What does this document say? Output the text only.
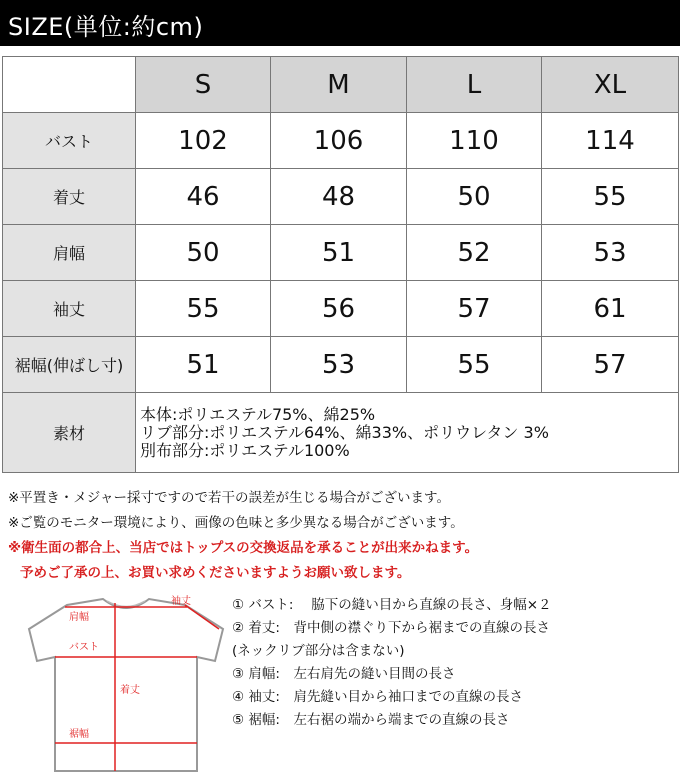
SIZE(単位:約cm)
	S	M	L	XL
バスト	102	106	110	114
着丈	46	48	50	55
肩幅	50	51	52	53
袖丈	55	56	57	61
裾幅(伸ばし寸)	51	53	55	57
素材	本体:ポリエステル75%、綿25%
リブ部分:ポリエステル64%、綿33%、ポリウレタン 3%
別布部分:ポリエステル100%			
※平置き・メジャー採寸ですので若干の誤差が生じる場合がございます。
※ご覧のモニター環境により、画像の色味と多少異なる場合がございます。
※衛生面の都合上、当店ではトップスの交換返品を承ることが出来かねます。
予めご了承の上、お買い求めくださいますようお願い致します。
袖丈
肩幅
バスト
着丈
裾幅
① バスト:　 脇下の縫い目から直線の長さ、身幅×２
② 着丈:　背中側の襟ぐり下から裾までの直線の長さ
(ネックリブ部分は含まない)
③ 肩幅:　左右肩先の縫い目間の長さ
④ 袖丈:　肩先縫い目から袖口までの直線の長さ
⑤ 裾幅:　左右裾の端から端までの直線の長さ
